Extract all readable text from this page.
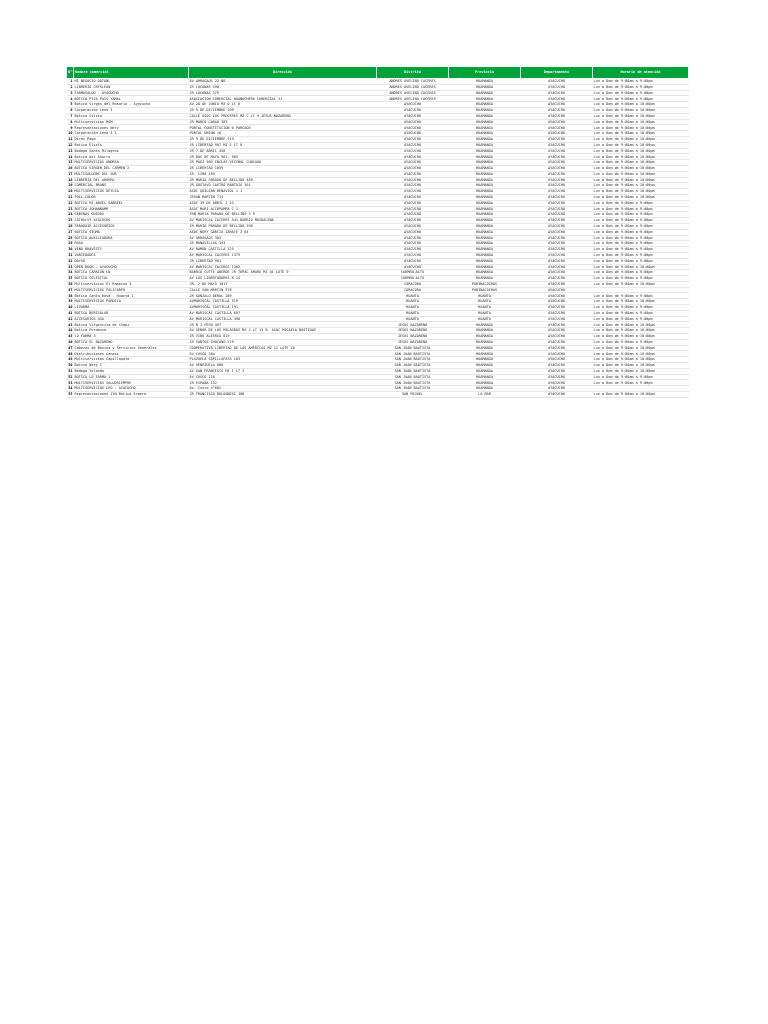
N°	Nombre comercial	Dirección	Distrito	Provincia	Departamento	Horario de atención
1	MI NEGOCIO DATANL	AV ARRAGAOS 22 ND	ANDRES AVELINO CACERES	HUAMANGA	AYACUCHO	Lun a Dom de 9:00am a 9:00pm
2	LIBRERIA CRYSLEON	JR LUCANAS 490	ANDRES AVELINO CACERES	HUAMANGA	AYACUCHO	Lun a Dom de 9:00am a 9:00pm
3	FARMASALUD - AYACUCHO	JR LUCANAS 379	ANDRES AVELINO CACERES	HUAMANGA	AYACUCHO	Lun a Dom de 9:00am a 9:00pm
4	BOTICA PIZA PAIS YAMAL	ASOCIACION COMERCIAL HUANACHERO COMERCIAL 31	ANDRES AVELINO CACERES	HUAMANGA	AYACUCHO	Lun a Dom de 9:00am a 9:00pm
5	Botica Virgen del Rosario - Ayacucho	AV 28 DE JUNIO MZ D LT 6	AYACUCHO	HUAMANGA	AYACUCHO	Lun a Dom de 9:00am a 10:00pm
6	Corporación Lena I	JR 9 DE DICIEMBRE 109	AYACUCHO	HUAMANGA	AYACUCHO	Lun a Dom de 9:00am a 10:00pm
7	Botica Silvia	CALLE ASOC LOS PROCERES MZ C LT 9 JESUS NAZARENO	AYACUCHO	HUAMANGA	AYACUCHO	Lun a Dom de 9:00am a 10:00pm
8	Multiservicios MSM	JR MARCO CARAO 383	AYACUCHO	HUAMANGA	AYACUCHO	Lun a Dom de 9:00am a 10:00pm
9	Representaciones Nery	PORTAL CONSTITUCION 6 PARCAOO	AYACUCHO	HUAMANGA	AYACUCHO	Lun a Dom de 9:00am a 10:00pm
10	Corporación Lena I I	PORTAL UNION 16	AYACUCHO	HUAMANGA	AYACUCHO	Lun a Dom de 9:00am a 10:00pm
11	Direc Pago	JR 9 DE DICIEMBRE 119	AYACUCHO	HUAMANGA	AYACUCHO	Lun a Dom de 9:00am a 10:00pm
12	Botica Eliels	JR LIBERTAD 907 MZ E LT 8	AYACUCHO	HUAMANGA	AYACUCHO	Lun a Dom de 9:00am a 10:00pm
13	Bodega Santa Milagros	JR 7 DE ABRIL 450	AYACUCHO	HUAMANGA	AYACUCHO	Lun a Dom de 9:00am a 10:00pm
14	Botica del Ahorro	JR DOS DE MAYO 961- 965	AYACUCHO	HUAMANGA	AYACUCHO	Lun a Dom de 9:00am a 10:00pm
15	MULTISERVICIOS ANDREA	JR PAEZ 909 INCLAS VECINAL CUNCAGO	AYACUCHO	HUAMANGA	AYACUCHO	Lun a Dom de 9:00am a 10:00pm
16	BOTICA VIRGEN DEL CARMEN 2	JR LIBERTAD 1059	AYACUCHO	HUAMANGA	AYACUCHO	Lun a Dom de 9:00am a 10:00pm
17	MULTISALUDBS DEL SUR	JR. LIMA 194	AYACUCHO	HUAMANGA	AYACUCHO	Lun a Dom de 9:00am a 10:00pm
18	LIBRERIA DEL AHORRO	JR MARIA PARADO DE BELLIDO 489	AYACUCHO	HUAMANGA	AYACUCHO	Lun a Dom de 9:00am a 10:00pm
19	COMERCIAL BRANS	JR GUSTAVO CASTRO PANTOJA 301	AYACUCHO	HUAMANGA	AYACUCHO	Lun a Dom de 9:00am a 10:00pm
20	MULTISERVICIOS DEYLEA	ASOC QUILEAN BENAVIOL 1 1	AYACUCHO	HUAMANGA	AYACUCHO	Lun a Dom de 9:00am a 10:00pm
21	POLL-COLOR	JRSAN MARTIN 713	AYACUCHO	HUAMANGA	AYACUCHO	Lun a Dom de 9:00am a 10:00pm
22	BOTICA MI ANGEL GABRIEL	ASOC 19 DE ABRIL J 13	AYACUCHO	HUAMANGA	AYACUCHO	Lun a Dom de 9:00am a 9:00pm
23	BOTICA JOHANNAMR	ASOC MARI ACCOPAMPA C 1	AYACUCHO	HUAMANGA	AYACUCHO	Lun a Dom de 9:00am a 9:00pm
24	CABINAS GUIDOX	JRN MARIA PARADO DE BELLIDO 3 9	AYACUCHO	HUAMANGA	AYACUCHO	Lun a Dom de 9:00am a 9:00pm
25	CATHALSY AYACUCHO	AV MARISCAL CACERES 541 BARRIO MAGDALENA	AYACUCHO	HUAMANGA	AYACUCHO	Lun a Dom de 9:00am a 9:00pm
26	PARADOIR ACCESORIOS	JR MARIA PARADO DE BELLIDO 398	AYACUCHO	HUAMANGA	AYACUCHO	Lun a Dom de 9:00am a 9:00pm
27	BOTICA SIGMA	ASOC NERY GARCIA ZARATE Z 64	AYACUCHO	HUAMANGA	AYACUCHO	Lun a Dom de 9:00am a 9:00pm
28	BOTICA AUXILIADORA	AV ARRAGAOS 303	AYACUCHO	HUAMANGA	AYACUCHO	Lun a Dom de 9:00am a 9:00pm
29	ROSA	JR MANAVILLAS 191	AYACUCHO	HUAMANGA	AYACUCHO	Lun a Dom de 9:00am a 9:00pm
30	VINO BRAVESTY	AV RAMON CASTILLA 125	AYACUCHO	HUAMANGA	AYACUCHO	Lun a Dom de 9:00am a 9:00pm
31	VARIEDADES	AV MARISCAL CACERES 1379	AYACUCHO	HUAMANGA	AYACUCHO	Lun a Dom de 9:00am a 9:00pm
32	DAYSO	JR LIBERTAD 981	AYACUCHO	HUAMANGA	AYACUCHO	Lun a Dom de 9:00am a 9:00pm
33	OPEN BOOK - AYACUCHO	AV MARISCAL CACERES 1362	AYACUCHO	HUAMANGA	AYACUCHO	Lun a Dom de 9:00am a 10:00pm
34	BOTICA CARRION LN	BARRIO CUTTE ABERDE JR TUPAC AMARU MZ Q1 LOTE 9	CARMEN ALTO	HUAMANGA	AYACUCHO	Lun a Dom de 9:00am a 9:00pm
35	BOTICA CELESTIAL	AV LOS LIBERTADORES N 14	CARMEN ALTO	HUAMANGA	AYACUCHO	Lun a Dom de 9:00am a 9:00pm
36	Multiservicios El Rampino 3	JR. 2 DE MAYO 1017	CORACORA	PARINACOCHAS	AYACUCHO	Lun a Dom de 9:00am a 10:00pm
37	MULTISERVICIOS POLICARPO	CALLE SAN MARTIN 578	CORACORA	PARINACOCHAS	AYACUCHO	
38	Botica Santa Rosa - Huanta I	JR GONZALO BERAL 289	HUANTA	HUANTA	AYACUCHO	Lun a Dom de 9:00am a 9:00pm
39	MULTISERVICIOS PARDELA	AVMARISCAL CASTILLA 519	HUANTA	HUANTA	AYACUCHO	Lun a Dom de 9:00am a 10:00pm
40	LIVARMA	AVMARISCAL CASTILLA 191	HUANTA	HUANTA	AYACUCHO	Lun a Dom de 9:00am a 9:00pm
41	BOTICA BERISALUD	AV MARISCAL CASTILLA 697	HUANTA	HUANTA	AYACUCHO	Lun a Dom de 9:00am a 9:00pm
42	ACCESORIOS GGA	AV MARISCAL CASTILLA 498	HUANTA	HUANTA	AYACUCHO	Lun a Dom de 9:00am a 9:00pm
43	Botica Virgencita de Chapi	JR N J PESO 497	JESUS NAZARENO	HUAMANGA	AYACUCHO	Lun a Dom de 9:00am a 10:00pm
44	Botica Pordanza	AV SEÑOR DE LOS MILAGROS MZ J LT 13 B. ASOC MICAELA BASTIDAS	JESUS NAZARENO	HUAMANGA	AYACUCHO	Lun a Dom de 9:00am a 10:00pm
45	LO FARMA 3	JR VIRU ALESRIA 819	JESUS NAZARENO	HUAMANGA	AYACUCHO	Lun a Dom de 9:00am a 10:00pm
46	BOTICA EL NAZARENO	JR SANTOS CHOCANO 219	JESUS NAZARENO	HUAMANGA	AYACUCHO	Lun a Dom de 9:00am a 9:00pm
47	Cabezas de Bovina y Servicios Generales	COOPERATIVA LIBERTAD DE LAS AMERICAS MZ 11 LOTE 10	SAN JUAN BAUTISTA	HUAMANGA	AYACUCHO	Lun a Dom de 9:00am a 10:00pm
48	Distribuciones Lanasi	AV CUSCO 364	SAN JUAN BAUTISTA	HUAMANGA	AYACUCHO	Lun a Dom de 9:00am a 10:00pm
49	Multiservicios Capillapata	PLAZUELA CAPILLAPATA 103	SAN JUAN BAUTISTA	HUAMANGA	AYACUCHO	Lun a Dom de 9:00am a 10:00pm
50	Botica Nery C	AV VENEZUELA 688	SAN JUAN BAUTISTA	HUAMANGA	AYACUCHO	Lun a Dom de 9:00am a 10:00pm
51	Bodega Yolanda	AV SAN FRANCISCO MZ 1 LT 2	SAN JUAN BAUTISTA	HUAMANGA	AYACUCHO	Lun a Dom de 9:00am a 10:00pm
52	BOTICA LO FARMA 1	AV CUSCO 116	SAN JUAN BAUTISTA	HUAMANGA	AYACUCHO	Lun a Dom de 9:00am a 9:00pm
53	MULTISERVICIOS SALUDSIEMPRE	JR ESPAÑA 152	SAN JUAN BAUTISTA	HUAMANGA	AYACUCHO	Lun a Dom de 9:00am a 9:00pm
54	MULTISERVICIOS LEO - AYACUCHO	Av. Cusco n°602	SAN JUAN BAUTISTA	HUAMANGA	AYACUCHO	
55	Representaciones JIN Botica Ermera	JR FRANCISCO BOLOGNESI 108	SAN MIGUEL	LA MAR	AYACUCHO	Lun a Dom de 9:00am a 10:00pm
